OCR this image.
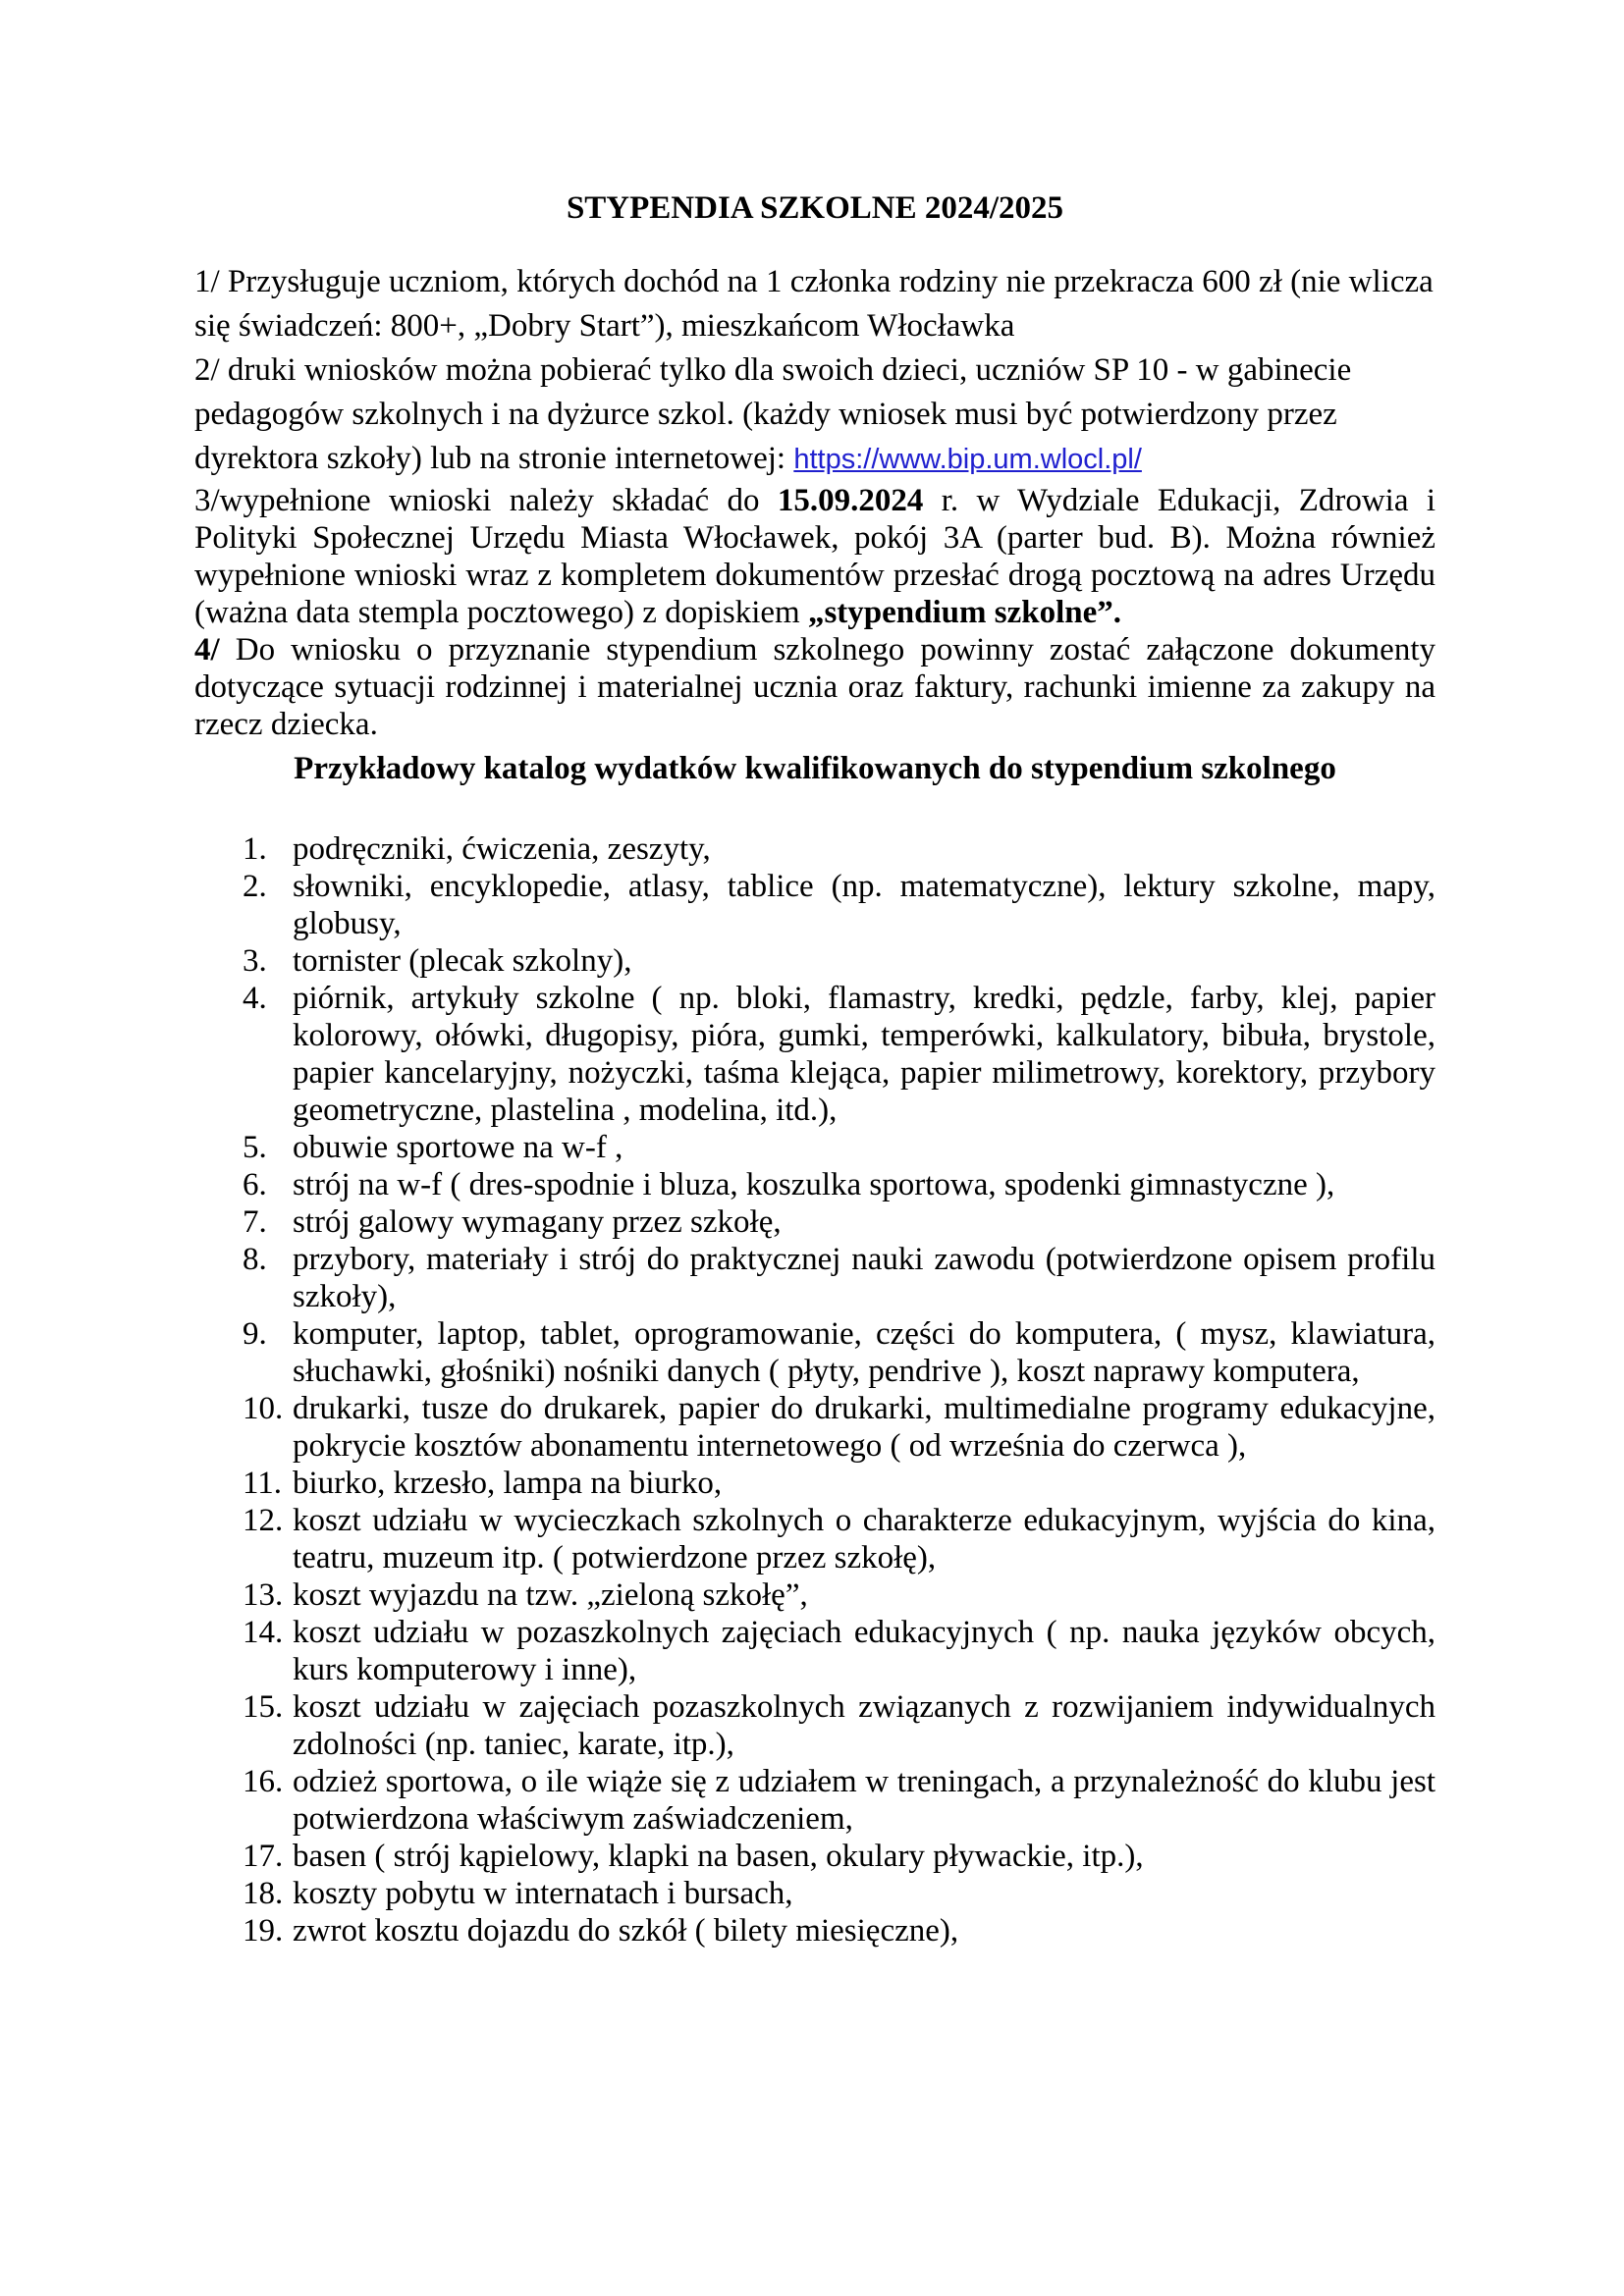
STYPENDIA SZKOLNE 2024/2025

1/ Przysługuje uczniom, których dochód na 1 członka rodziny nie przekracza 600 zł (nie wlicza się świadczeń: 800+, „Dobry Start”), mieszkańcom Włocławka

2/ druki wniosków można pobierać tylko dla swoich dzieci, uczniów SP 10 - w gabinecie pedagogów szkolnych i na dyżurce szkol. (każdy wniosek musi być potwierdzony przez dyrektora szkoły) lub na stronie internetowej: https://www.bip.um.wlocl.pl/

3/wypełnione wnioski należy składać do 15.09.2024 r. w Wydziale Edukacji, Zdrowia i Polityki Społecznej Urzędu Miasta Włocławek, pokój 3A (parter bud. B). Można również wypełnione wnioski wraz z kompletem dokumentów przesłać drogą pocztową na adres Urzędu (ważna data stempla pocztowego) z dopiskiem „stypendium szkolne”.

4/ Do wniosku o przyznanie stypendium szkolnego powinny zostać załączone dokumenty dotyczące sytuacji rodzinnej i materialnej ucznia oraz faktury, rachunki imienne za zakupy na rzecz dziecka.

Przykładowy katalog wydatków kwalifikowanych do stypendium szkolnego
1. podręczniki, ćwiczenia, zeszyty,
2. słowniki, encyklopedie, atlasy, tablice (np. matematyczne), lektury szkolne, mapy, globusy,
3. tornister (plecak szkolny),
4. piórnik, artykuły szkolne ( np. bloki, flamastry, kredki, pędzle, farby, klej, papier kolorowy, ołówki, długopisy, pióra, gumki, temperówki, kalkulatory, bibuła, brystole, papier kancelaryjny, nożyczki, taśma klejąca, papier milimetrowy, korektory, przybory geometryczne, plastelina , modelina, itd.),
5. obuwie sportowe na w-f ,
6. strój na w-f ( dres-spodnie i bluza, koszulka sportowa, spodenki gimnastyczne ),
7. strój galowy wymagany przez szkołę,
8. przybory, materiały i strój do praktycznej nauki zawodu (potwierdzone opisem profilu szkoły),
9. komputer, laptop, tablet, oprogramowanie, części do komputera, ( mysz, klawiatura, słuchawki, głośniki) nośniki danych ( płyty, pendrive ), koszt naprawy komputera,
10. drukarki, tusze do drukarek, papier do drukarki, multimedialne programy edukacyjne, pokrycie kosztów abonamentu internetowego ( od września do czerwca ),
11. biurko, krzesło, lampa na biurko,
12. koszt udziału w wycieczkach szkolnych o charakterze edukacyjnym, wyjścia do kina, teatru, muzeum itp. ( potwierdzone przez szkołę),
13. koszt wyjazdu na tzw. „zieloną szkołę”,
14. koszt udziału w pozaszkolnych zajęciach edukacyjnych ( np. nauka języków obcych, kurs komputerowy i inne),
15. koszt udziału w zajęciach pozaszkolnych związanych z rozwijaniem indywidualnych zdolności (np. taniec, karate, itp.),
16. odzież sportowa, o ile wiąże się z udziałem w treningach, a przynależność do klubu jest potwierdzona właściwym zaświadczeniem,
17. basen ( strój kąpielowy, klapki na basen, okulary pływackie, itp.),
18. koszty pobytu w internatach i bursach,
19. zwrot kosztu dojazdu do szkół ( bilety miesięczne),
